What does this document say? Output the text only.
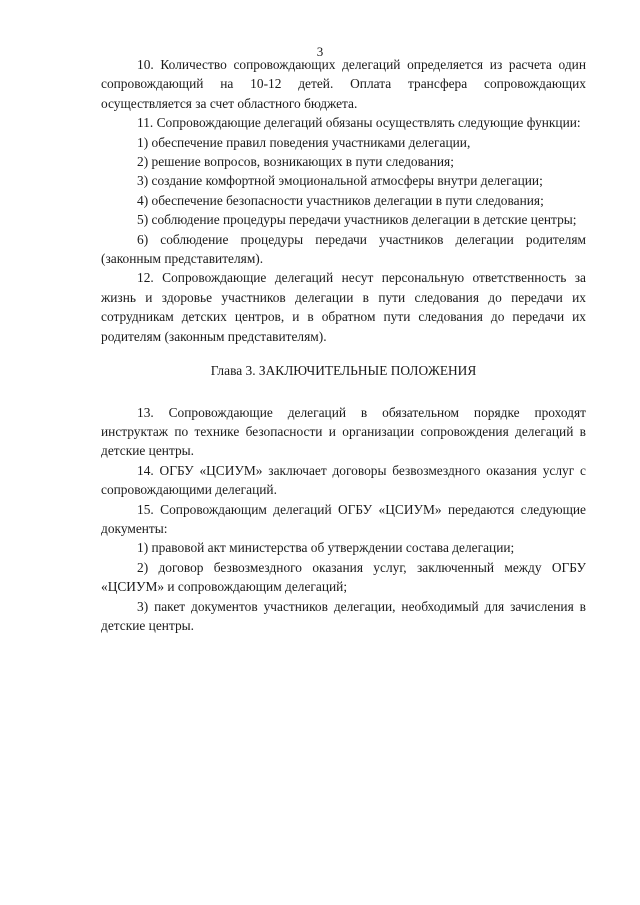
3

10. Количество сопровождающих делегаций определяется из расчета один сопровождающий на 10-12 детей. Оплата трансфера сопровождающих осуществляется за счет областного бюджета.

11. Сопровождающие делегаций обязаны осуществлять следующие функции:

1) обеспечение правил поведения участниками делегации,

2) решение вопросов, возникающих в пути следования;

3) создание комфортной эмоциональной атмосферы внутри делегации;

4) обеспечение безопасности участников делегации в пути следования;

5) соблюдение процедуры передачи участников делегации в детские центры;

6) соблюдение процедуры передачи участников делегации родителям (законным представителям).

12. Сопровождающие делегаций несут персональную ответственность за жизнь и здоровье участников делегации в пути следования до передачи их сотрудникам детских центров, и в обратном пути следования до передачи их родителям (законным представителям).

Глава 3. ЗАКЛЮЧИТЕЛЬНЫЕ ПОЛОЖЕНИЯ

13. Сопровождающие делегаций в обязательном порядке проходят инструктаж по технике безопасности и организации сопровождения делегаций в детские центры.

14. ОГБУ «ЦСИУМ» заключает договоры безвозмездного оказания услуг с сопровождающими делегаций.

15. Сопровождающим делегаций ОГБУ «ЦСИУМ» передаются следующие документы:

1) правовой акт министерства об утверждении состава делегации;

2) договор безвозмездного оказания услуг, заключенный между ОГБУ «ЦСИУМ» и сопровождающим делегаций;

3) пакет документов участников делегации, необходимый для зачисления в детские центры.
